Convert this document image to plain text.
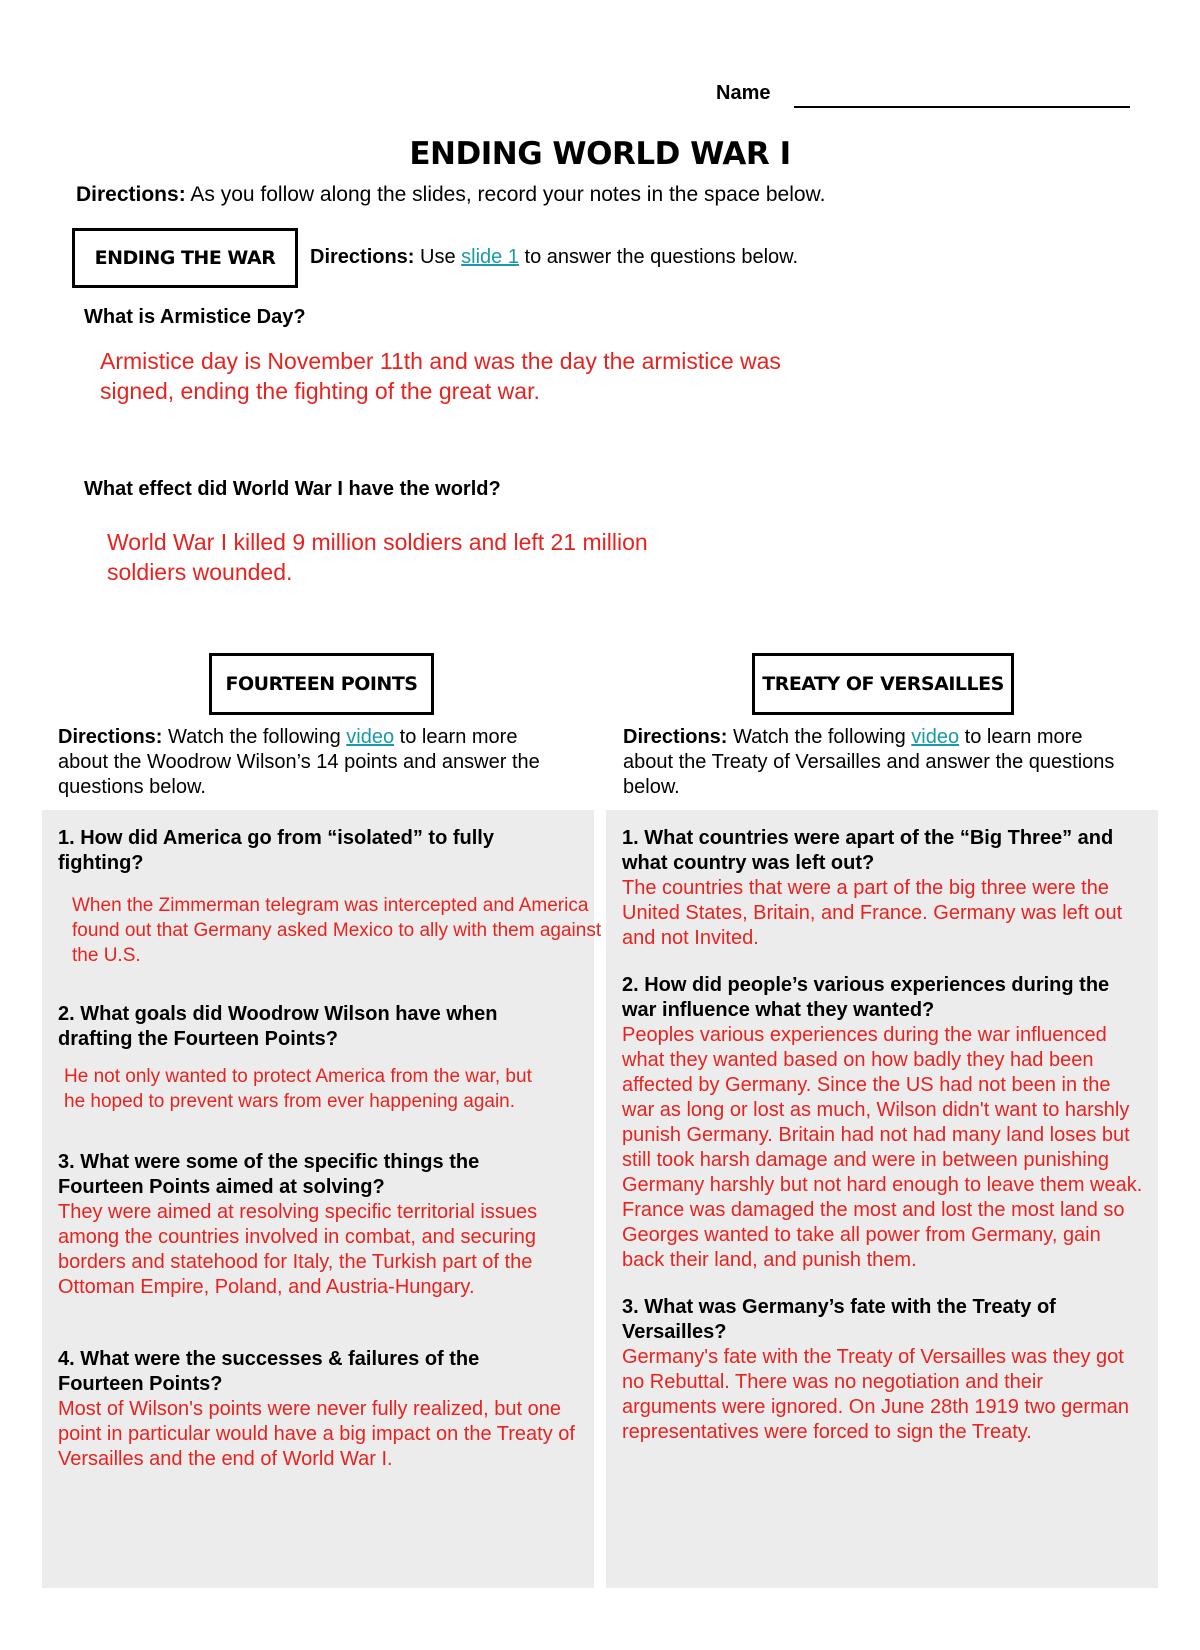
Name
ENDING WORLD WAR I
Directions: As you follow along the slides, record your notes in the space below.
ENDING THE WAR Directions: Use slide 1 to answer the questions below.
What is Armistice Day?
Armistice day is November 11th and was the day the armistice was
signed, ending the fighting of the great war.
What effect did World War I have the world?
World War I killed 9 million soldiers and left 21 million
soldiers wounded.
FOURTEEN POINTS	TREATY OF VERSAILLES
Directions: Watch the following video to learn more about the Woodrow Wilson’s 14 points and answer the questions below.
Directions: Watch the following video to learn more about the Treaty of Versailles and answer the questions below.
1. How did America go from “isolated” to fully fighting?
When the Zimmerman telegram was intercepted and America found out that Germany asked Mexico to ally with them against the U.S.
2. What goals did Woodrow Wilson have when drafting the Fourteen Points?
He not only wanted to protect America from the war, but he hoped to prevent wars from ever happening again.
3. What were some of the specific things the Fourteen Points aimed at solving?
They were aimed at resolving specific territorial issues among the countries involved in combat, and securing borders and statehood for Italy, the Turkish part of the Ottoman Empire, Poland, and Austria-Hungary.
4. What were the successes & failures of the Fourteen Points?
Most of Wilson's points were never fully realized, but one point in particular would have a big impact on the Treaty of Versailles and the end of World War I.
1. What countries were apart of the “Big Three” and what country was left out?
The countries that were a part of the big three were the United States, Britain, and France. Germany was left out and not Invited.
2. How did people’s various experiences during the war influence what they wanted?
Peoples various experiences during the war influenced what they wanted based on how badly they had been affected by Germany. Since the US had not been in the war as long or lost as much, Wilson didn't want to harshly punish Germany. Britain had not had many land loses but still took harsh damage and were in between punishing Germany harshly but not hard enough to leave them weak. France was damaged the most and lost the most land so Georges wanted to take all power from Germany, gain back their land, and punish them.
3. What was Germany’s fate with the Treaty of Versailles?
Germany's fate with the Treaty of Versailles was they got no Rebuttal. There was no negotiation and their arguments were ignored. On June 28th 1919 two german representatives were forced to sign the Treaty.
